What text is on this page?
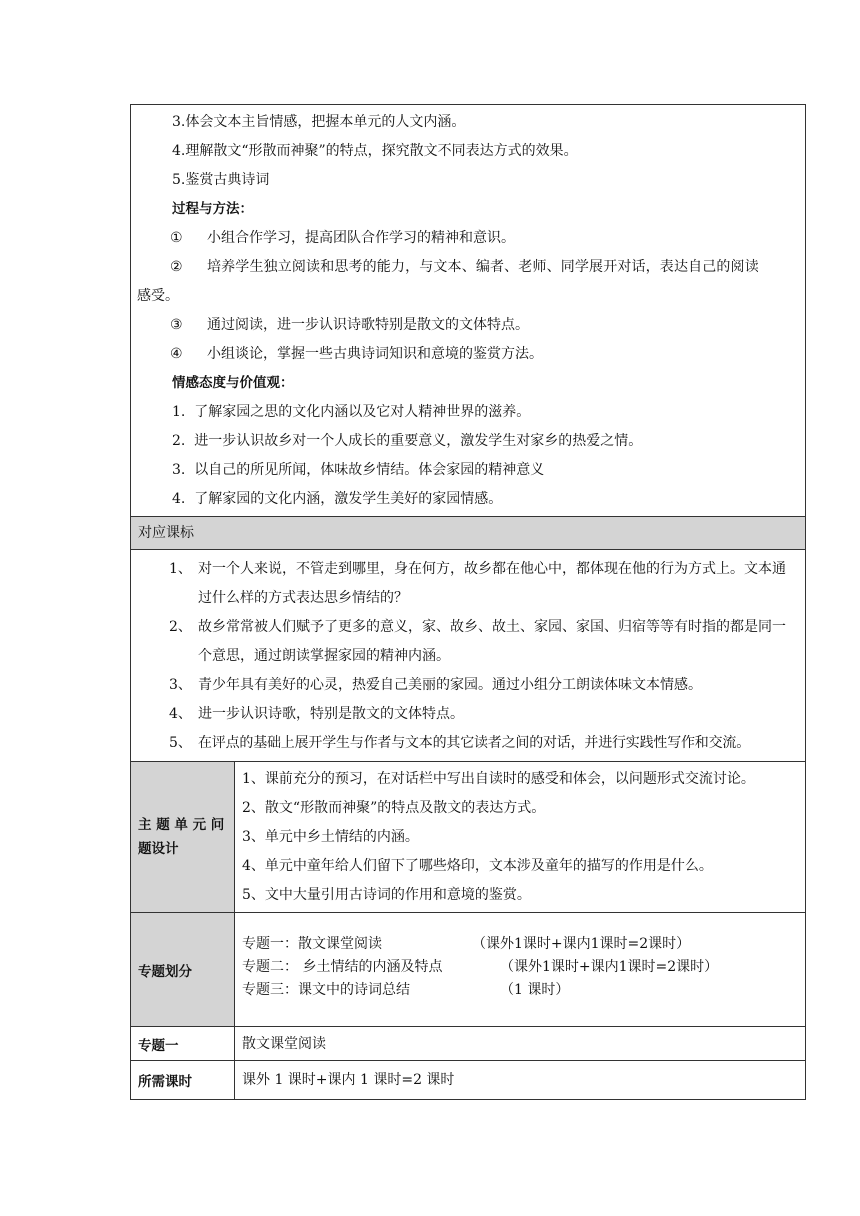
3.体会文本主旨情感，把握本单元的人文内涵。
4.理解散文“形散而神聚”的特点，探究散文不同表达方式的效果。
5.鉴赏古典诗词
过程与方法：
① 小组合作学习，提高团队合作学习的精神和意识。
② 培养学生独立阅读和思考的能力，与文本、编者、老师、同学展开对话，表达自己的阅读
感受。
③ 通过阅读，进一步认识诗歌特别是散文的文体特点。
④ 小组谈论，掌握一些古典诗词知识和意境的鉴赏方法。
情感态度与价值观：
1. 了解家园之思的文化内涵以及它对人精神世界的滋养。
2. 进一步认识故乡对一个人成长的重要意义，激发学生对家乡的热爱之情。
3. 以自己的所见所闻，体味故乡情结。体会家园的精神意义
4. 了解家园的文化内涵，激发学生美好的家园情感。
对应课标
1、 对一个人来说，不管走到哪里，身在何方，故乡都在他心中，都体现在他的行为方式上。文本通过什么样的方式表达思乡情结的？
2、 故乡常常被人们赋予了更多的意义，家、故乡、故土、家园、家国、归宿等等有时指的都是同一个意思，通过朗读掌握家园的精神内涵。
3、 青少年具有美好的心灵，热爱自己美丽的家园。通过小组分工朗读体味文本情感。
4、 进一步认识诗歌，特别是散文的文体特点。
5、 在评点的基础上展开学生与作者与文本的其它读者之间的对话，并进行实践性写作和交流。
主 题 单 元 问 题设计
1、课前充分的预习，在对话栏中写出自读时的感受和体会，以问题形式交流讨论。
2、散文“形散而神聚”的特点及散文的表达方式。
3、单元中乡土情结的内涵。
4、单元中童年给人们留下了哪些烙印，文本涉及童年的描写的作用是什么。
5、文中大量引用古诗词的作用和意境的鉴赏。
专题划分
专题一：散文课堂阅读	（课外1课时+课内1课时=2课时）
专题二： 乡土情结的内涵及特点	（课外1课时+课内1课时=2课时）
专题三：课文中的诗词总结	（1 课时）
专题一	散文课堂阅读
所需课时	课外 1 课时+课内 1 课时=2 课时
